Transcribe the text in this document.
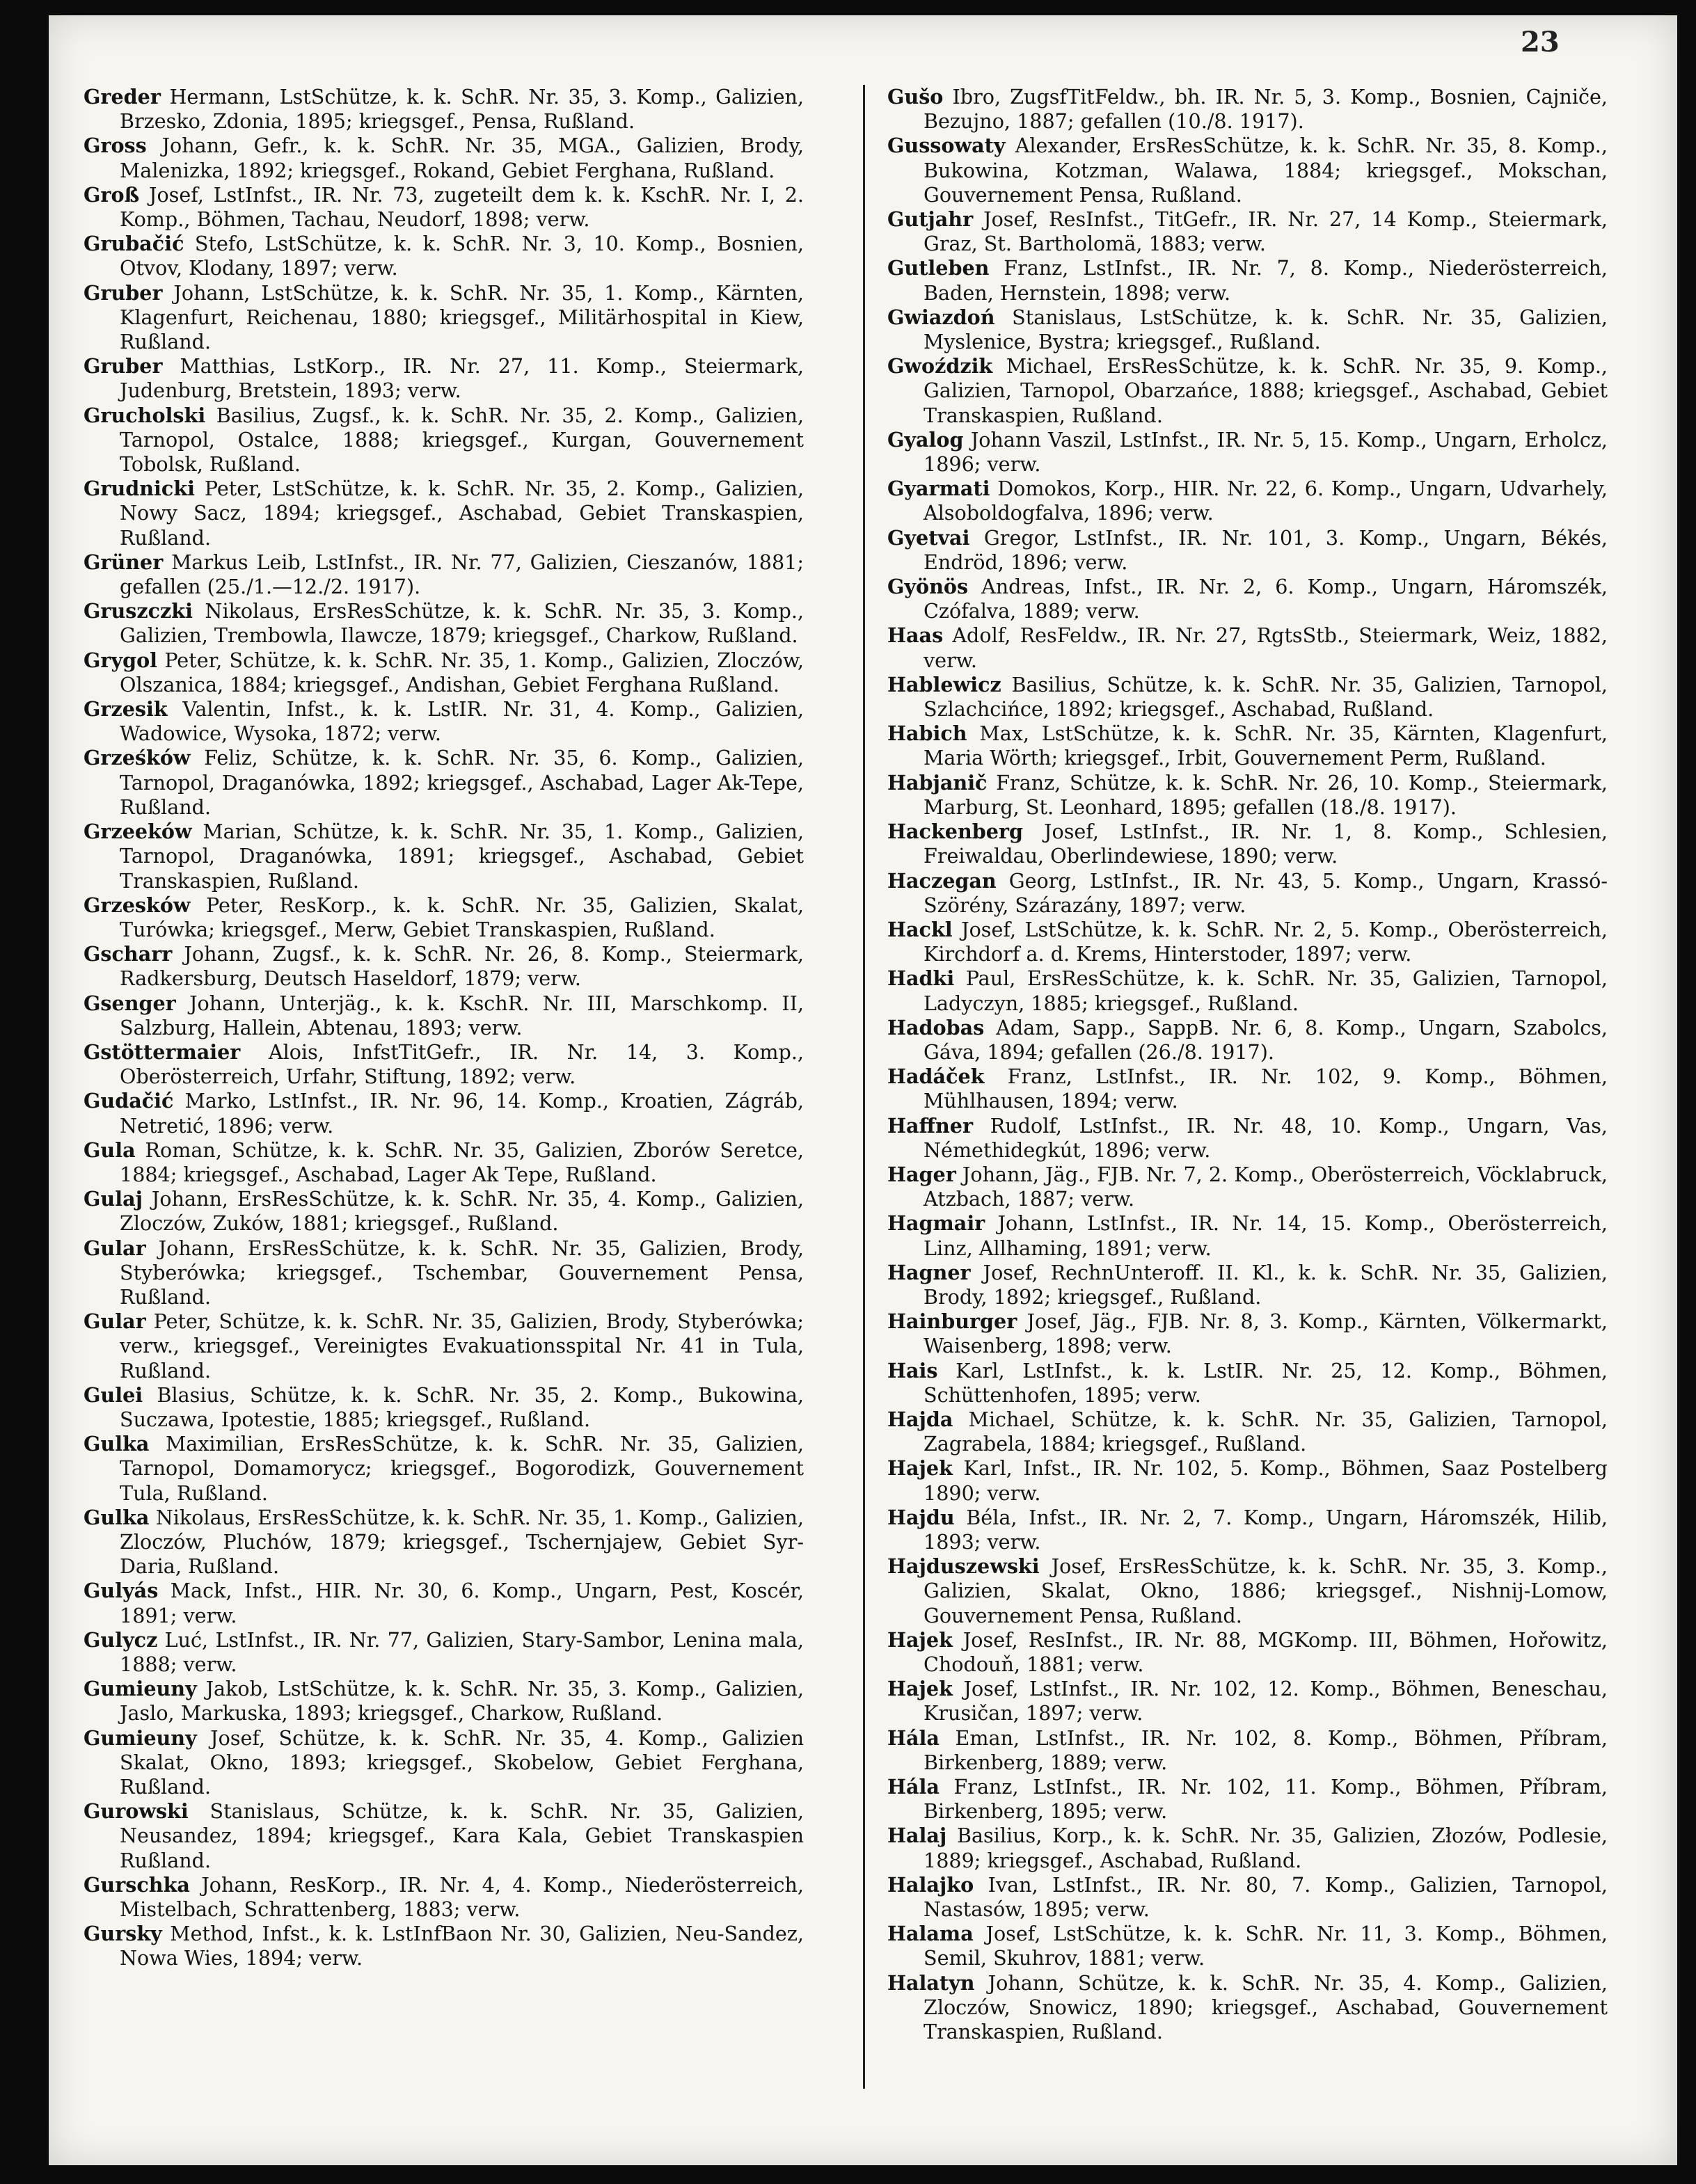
23

Greder Hermann, LstSchütze, k. k. SchR. Nr. 35, 3. Komp., Galizien, Brzesko, Zdonia, 1895; kriegsgef., Pensa, Rußland.

Gross Johann, Gefr., k. k. SchR. Nr. 35, MGA., Galizien, Brody, Malenizka, 1892; kriegsgef., Rokand, Gebiet Ferghana, Rußland.

Groß Josef, LstInfst., IR. Nr. 73, zugeteilt dem k. k. KschR. Nr. I, 2. Komp., Böhmen, Tachau, Neudorf, 1898; verw.

Grubačić Stefo, LstSchütze, k. k. SchR. Nr. 3, 10. Komp., Bosnien, Otvov, Klodany, 1897; verw.

Gruber Johann, LstSchütze, k. k. SchR. Nr. 35, 1. Komp., Kärnten, Klagenfurt, Reichenau, 1880; kriegsgef., Militärhospital in Kiew, Rußland.

Gruber Matthias, LstKorp., IR. Nr. 27, 11. Komp., Steiermark, Judenburg, Bretstein, 1893; verw.

Grucholski Basilius, Zugsf., k. k. SchR. Nr. 35, 2. Komp., Galizien, Tarnopol, Ostalce, 1888; kriegsgef., Kurgan, Gouvernement Tobolsk, Rußland.

Grudnicki Peter, LstSchütze, k. k. SchR. Nr. 35, 2. Komp., Galizien, Nowy Sacz, 1894; kriegsgef., Aschabad, Gebiet Transkaspien, Rußland.

Grüner Markus Leib, LstInfst., IR. Nr. 77, Galizien, Cieszanów, 1881; gefallen (25./1.—12./2. 1917).

Gruszczki Nikolaus, ErsResSchütze, k. k. SchR. Nr. 35, 3. Komp., Galizien, Trembowla, Ilawcze, 1879; kriegsgef., Charkow, Rußland.

Grygol Peter, Schütze, k. k. SchR. Nr. 35, 1. Komp., Galizien, Zloczów, Olszanica, 1884; kriegsgef., Andishan, Gebiet Ferghana Rußland.

Grzesik Valentin, Infst., k. k. LstIR. Nr. 31, 4. Komp., Galizien, Wadowice, Wysoka, 1872; verw.

Grześków Feliz, Schütze, k. k. SchR. Nr. 35, 6. Komp., Galizien, Tarnopol, Draganówka, 1892; kriegsgef., Aschabad, Lager Ak-Tepe, Rußland.

Grzeeków Marian, Schütze, k. k. SchR. Nr. 35, 1. Komp., Galizien, Tarnopol, Draganówka, 1891; kriegsgef., Aschabad, Gebiet Transkaspien, Rußland.

Grzesków Peter, ResKorp., k. k. SchR. Nr. 35, Galizien, Skalat, Turówka; kriegsgef., Merw, Gebiet Transkaspien, Rußland.

Gscharr Johann, Zugsf., k. k. SchR. Nr. 26, 8. Komp., Steiermark, Radkersburg, Deutsch Haseldorf, 1879; verw.

Gsenger Johann, Unterjäg., k. k. KschR. Nr. III, Marschkomp. II, Salzburg, Hallein, Abtenau, 1893; verw.

Gstöttermaier Alois, InfstTitGefr., IR. Nr. 14, 3. Komp., Oberösterreich, Urfahr, Stiftung, 1892; verw.

Gudačić Marko, LstInfst., IR. Nr. 96, 14. Komp., Kroatien, Zágráb, Netretić, 1896; verw.

Gula Roman, Schütze, k. k. SchR. Nr. 35, Galizien, Zborów Seretce, 1884; kriegsgef., Aschabad, Lager Ak Tepe, Rußland.

Gulaj Johann, ErsResSchütze, k. k. SchR. Nr. 35, 4. Komp., Galizien, Zloczów, Zuków, 1881; kriegsgef., Rußland.

Gular Johann, ErsResSchütze, k. k. SchR. Nr. 35, Galizien, Brody, Styberówka; kriegsgef., Tschembar, Gouvernement Pensa, Rußland.

Gular Peter, Schütze, k. k. SchR. Nr. 35, Galizien, Brody, Styberówka; verw., kriegsgef., Vereinigtes Evakuationsspital Nr. 41 in Tula, Rußland.

Gulei Blasius, Schütze, k. k. SchR. Nr. 35, 2. Komp., Bukowina, Suczawa, Ipotestie, 1885; kriegsgef., Rußland.

Gulka Maximilian, ErsResSchütze, k. k. SchR. Nr. 35, Galizien, Tarnopol, Domamorycz; kriegsgef., Bogorodizk, Gouvernement Tula, Rußland.

Gulka Nikolaus, ErsResSchütze, k. k. SchR. Nr. 35, 1. Komp., Galizien, Zloczów, Pluchów, 1879; kriegsgef., Tschernjajew, Gebiet Syr-Daria, Rußland.

Gulyás Mack, Infst., HIR. Nr. 30, 6. Komp., Ungarn, Pest, Koscér, 1891; verw.

Gulycz Luć, LstInfst., IR. Nr. 77, Galizien, Stary-Sambor, Lenina mala, 1888; verw.

Gumieuny Jakob, LstSchütze, k. k. SchR. Nr. 35, 3. Komp., Galizien, Jaslo, Markuska, 1893; kriegsgef., Charkow, Rußland.

Gumieuny Josef, Schütze, k. k. SchR. Nr. 35, 4. Komp., Galizien Skalat, Okno, 1893; kriegsgef., Skobelow, Gebiet Ferghana, Rußland.

Gurowski Stanislaus, Schütze, k. k. SchR. Nr. 35, Galizien, Neusandez, 1894; kriegsgef., Kara Kala, Gebiet Transkaspien Rußland.

Gurschka Johann, ResKorp., IR. Nr. 4, 4. Komp., Niederösterreich, Mistelbach, Schrattenberg, 1883; verw.

Gursky Method, Infst., k. k. LstInfBaon Nr. 30, Galizien, Neu-Sandez, Nowa Wies, 1894; verw.

Gušo Ibro, ZugsfTitFeldw., bh. IR. Nr. 5, 3. Komp., Bosnien, Cajniče, Bezujno, 1887; gefallen (10./8. 1917).

Gussowaty Alexander, ErsResSchütze, k. k. SchR. Nr. 35, 8. Komp., Bukowina, Kotzman, Walawa, 1884; kriegsgef., Mokschan, Gouvernement Pensa, Rußland.

Gutjahr Josef, ResInfst., TitGefr., IR. Nr. 27, 14 Komp., Steiermark, Graz, St. Bartholomä, 1883; verw.

Gutleben Franz, LstInfst., IR. Nr. 7, 8. Komp., Niederösterreich, Baden, Hernstein, 1898; verw.

Gwiazdoń Stanislaus, LstSchütze, k. k. SchR. Nr. 35, Galizien, Myslenice, Bystra; kriegsgef., Rußland.

Gwoździk Michael, ErsResSchütze, k. k. SchR. Nr. 35, 9. Komp., Galizien, Tarnopol, Obarzańce, 1888; kriegsgef., Aschabad, Gebiet Transkaspien, Rußland.

Gyalog Johann Vaszil, LstInfst., IR. Nr. 5, 15. Komp., Ungarn, Erholcz, 1896; verw.

Gyarmati Domokos, Korp., HIR. Nr. 22, 6. Komp., Ungarn, Udvarhely, Alsoboldogfalva, 1896; verw.

Gyetvai Gregor, LstInfst., IR. Nr. 101, 3. Komp., Ungarn, Békés, Endröd, 1896; verw.

Gyönös Andreas, Infst., IR. Nr. 2, 6. Komp., Ungarn, Háromszék, Czófalva, 1889; verw.

Haas Adolf, ResFeldw., IR. Nr. 27, RgtsStb., Steiermark, Weiz, 1882, verw.

Hablewicz Basilius, Schütze, k. k. SchR. Nr. 35, Galizien, Tarnopol, Szlachcińce, 1892; kriegsgef., Aschabad, Rußland.

Habich Max, LstSchütze, k. k. SchR. Nr. 35, Kärnten, Klagenfurt, Maria Wörth; kriegsgef., Irbit, Gouvernement Perm, Rußland.

Habjanič Franz, Schütze, k. k. SchR. Nr. 26, 10. Komp., Steiermark, Marburg, St. Leonhard, 1895; gefallen (18./8. 1917).

Hackenberg Josef, LstInfst., IR. Nr. 1, 8. Komp., Schlesien, Freiwaldau, Oberlindewiese, 1890; verw.

Haczegan Georg, LstInfst., IR. Nr. 43, 5. Komp., Ungarn, Krassó-Szörény, Szárazány, 1897; verw.

Hackl Josef, LstSchütze, k. k. SchR. Nr. 2, 5. Komp., Oberösterreich, Kirchdorf a. d. Krems, Hinterstoder, 1897; verw.

Hadki Paul, ErsResSchütze, k. k. SchR. Nr. 35, Galizien, Tarnopol, Ladyczyn, 1885; kriegsgef., Rußland.

Hadobas Adam, Sapp., SappB. Nr. 6, 8. Komp., Ungarn, Szabolcs, Gáva, 1894; gefallen (26./8. 1917).

Hadáček Franz, LstInfst., IR. Nr. 102, 9. Komp., Böhmen, Mühlhausen, 1894; verw.

Haffner Rudolf, LstInfst., IR. Nr. 48, 10. Komp., Ungarn, Vas, Némethidegkút, 1896; verw.

Hager Johann, Jäg., FJB. Nr. 7, 2. Komp., Oberösterreich, Vöcklabruck, Atzbach, 1887; verw.

Hagmair Johann, LstInfst., IR. Nr. 14, 15. Komp., Oberösterreich, Linz, Allhaming, 1891; verw.

Hagner Josef, RechnUnteroff. II. Kl., k. k. SchR. Nr. 35, Galizien, Brody, 1892; kriegsgef., Rußland.

Hainburger Josef, Jäg., FJB. Nr. 8, 3. Komp., Kärnten, Völkermarkt, Waisenberg, 1898; verw.

Hais Karl, LstInfst., k. k. LstIR. Nr. 25, 12. Komp., Böhmen, Schüttenhofen, 1895; verw.

Hajda Michael, Schütze, k. k. SchR. Nr. 35, Galizien, Tarnopol, Zagrabela, 1884; kriegsgef., Rußland.

Hajek Karl, Infst., IR. Nr. 102, 5. Komp., Böhmen, Saaz Postelberg 1890; verw.

Hajdu Béla, Infst., IR. Nr. 2, 7. Komp., Ungarn, Háromszék, Hilib, 1893; verw.

Hajduszewski Josef, ErsResSchütze, k. k. SchR. Nr. 35, 3. Komp., Galizien, Skalat, Okno, 1886; kriegsgef., Nishnij-Lomow, Gouvernement Pensa, Rußland.

Hajek Josef, ResInfst., IR. Nr. 88, MGKomp. III, Böhmen, Hořowitz, Chodouň, 1881; verw.

Hajek Josef, LstInfst., IR. Nr. 102, 12. Komp., Böhmen, Beneschau, Krusičan, 1897; verw.

Hála Eman, LstInfst., IR. Nr. 102, 8. Komp., Böhmen, Příbram, Birkenberg, 1889; verw.

Hála Franz, LstInfst., IR. Nr. 102, 11. Komp., Böhmen, Příbram, Birkenberg, 1895; verw.

Halaj Basilius, Korp., k. k. SchR. Nr. 35, Galizien, Złozów, Podlesie, 1889; kriegsgef., Aschabad, Rußland.

Halajko Ivan, LstInfst., IR. Nr. 80, 7. Komp., Galizien, Tarnopol, Nastasów, 1895; verw.

Halama Josef, LstSchütze, k. k. SchR. Nr. 11, 3. Komp., Böhmen, Semil, Skuhrov, 1881; verw.

Halatyn Johann, Schütze, k. k. SchR. Nr. 35, 4. Komp., Galizien, Zloczów, Snowicz, 1890; kriegsgef., Aschabad, Gouvernement Transkaspien, Rußland.
